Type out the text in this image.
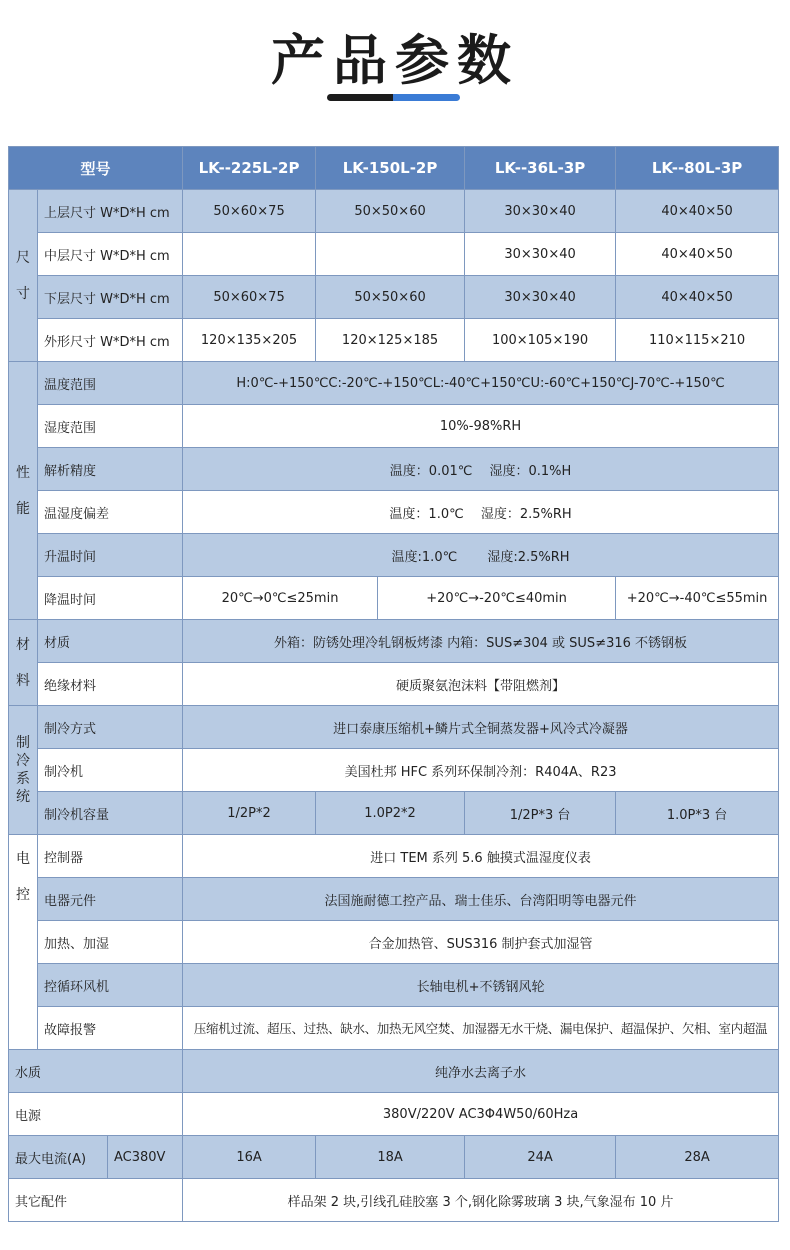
产品参数
型号			LK--225L-2P	LK-150L-2P		LK--36L-3P	LK--80L-3P
尺
寸	上层尺寸 W*D*H cm		50×60×75	50×50×60		30×30×40	40×40×50
	中层尺寸 W*D*H cm					30×30×40	40×40×50
	下层尺寸 W*D*H cm		50×60×75	50×50×60		30×30×40	40×40×50
	外形尺寸 W*D*H cm		120×135×205	120×125×185		100×105×190	110×115×210
性
能	温度范围		H:0℃-+150℃C:-20℃-+150℃L:-40℃+150℃U:-60℃+150℃J-70℃-+150℃				
	湿度范围		10%-98%RH				
	解析精度		温度：0.01℃　 湿度：0.1%H				
	温湿度偏差		温度：1.0℃　 湿度：2.5%RH				
	升温时间		温度:1.0℃　　 湿度:2.5%RH				
	降温时间		20℃→0℃≤25min		+20℃→-20℃≤40min		+20℃→-40℃≤55min
材
料	材质		外箱：防锈处理冷轧钢板烤漆 内箱：SUS≠304 或 SUS≠316 不锈钢板				
	绝缘材料		硬质聚氨泡沫料【带阻燃剂】				
制
冷
系
统	制冷方式		进口泰康压缩机+鳞片式全铜蒸发器+风冷式冷凝器				
	制冷机		美国杜邦 HFC 系列环保制冷剂：R404A、R23				
	制冷机容量		1/2P*2	1.0P2*2		1/2P*3 台	1.0P*3 台
电
控	控制器		进口 TEM 系列 5.6 触摸式温湿度仪表				
	电器元件		法国施耐德工控产品、瑞士佳乐、台湾阳明等电器元件				
	加热、加湿		合金加热管、SUS316 制护套式加湿管				
	控循环风机		长轴电机+不锈钢风轮				
	故障报警		压缩机过流、超压、过热、缺水、加热无风空焚、加湿器无水干烧、漏电保护、超温保护、欠相、室内超温				
水质			纯净水去离子水				
电源			380V/220V AC3Φ4W50/60Hza				
最大电流(A)		AC380V	16A	18A		24A	28A
其它配件			样品架 2 块,引线孔硅胶塞 3 个,钢化除雾玻璃 3 块,气象湿布 10 片				
